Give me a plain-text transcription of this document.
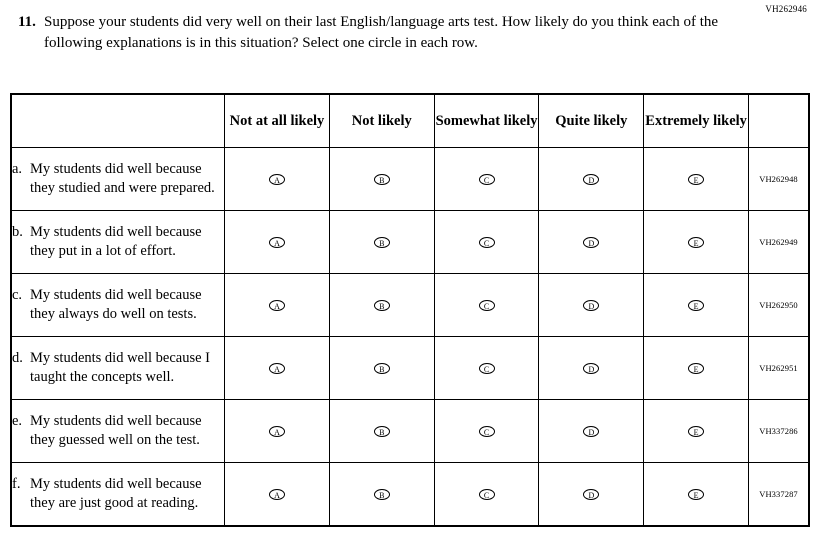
VH262946
11. Suppose your students did very well on their last English/language arts test. How likely do you think each of the following explanations is in this situation? Select one circle in each row.
	Not at all likely	Not likely	Somewhat likely	Quite likely	Extremely likely	

a. My students did well because they studied and were prepared.	A	B	C	D	E	VH262948

b. My students did well because they put in a lot of effort.	A	B	C	D	E	VH262949

c. My students did well because they always do well on tests.	A	B	C	D	E	VH262950

d. My students did well because I taught the concepts well.	A	B	C	D	E	VH262951

e. My students did well because they guessed well on the test.	A	B	C	D	E	VH337286

f. My students did well because they are just good at reading.	A	B	C	D	E	VH337287
